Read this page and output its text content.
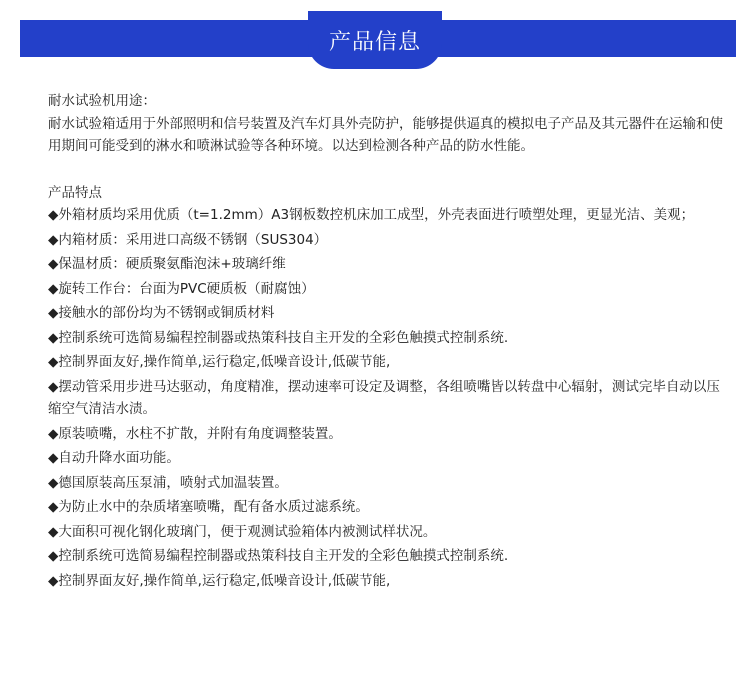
产品信息

耐水试验机用途：

耐水试验箱适用于外部照明和信号装置及汽车灯具外壳防护，能够提供逼真的模拟电子产品及其元器件在运输和使用期间可能受到的淋水和喷淋试验等各种环境。以达到检测各种产品的防水性能。

产品特点

◆外箱材质均采用优质（t=1.2mm）A3钢板数控机床加工成型，外壳表面进行喷塑处理，更显光洁、美观；

◆内箱材质：采用进口高级不锈钢（SUS304）

◆保温材质：硬质聚氨酯泡沫+玻璃纤维

◆旋转工作台：台面为PVC硬质板（耐腐蚀）

◆接触水的部份均为不锈钢或铜质材料

◆控制系统可选简易编程控制器或热策科技自主开发的全彩色触摸式控制系统.

◆控制界面友好,操作简单,运行稳定,低噪音设计,低碳节能,

◆摆动管采用步进马达驱动，角度精准，摆动速率可设定及调整，各组喷嘴皆以转盘中心辐射，测试完毕自动以压缩空气清洁水渍。

◆原装喷嘴，水柱不扩散，并附有角度调整装置。

◆自动升降水面功能。

◆德国原装高压泵浦，喷射式加温装置。

◆为防止水中的杂质堵塞喷嘴，配有备水质过滤系统。

◆大面积可视化钢化玻璃门，便于观测试验箱体内被测试样状况。

◆控制系统可选简易编程控制器或热策科技自主开发的全彩色触摸式控制系统.

◆控制界面友好,操作简单,运行稳定,低噪音设计,低碳节能,
